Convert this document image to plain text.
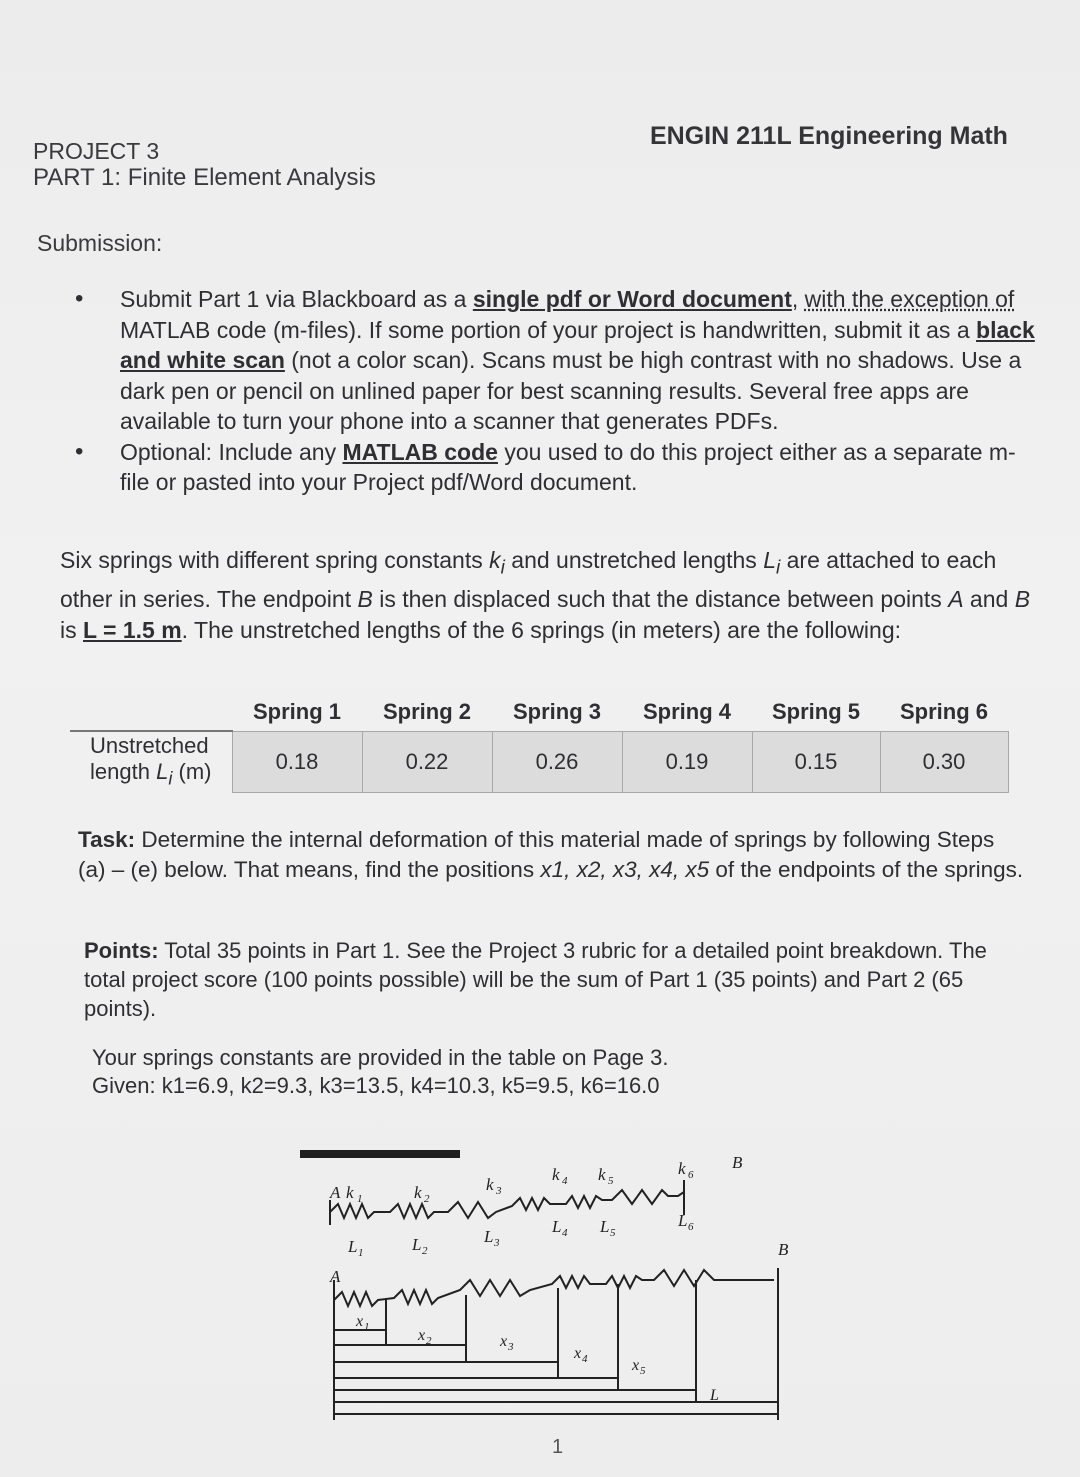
ENGIN 211L Engineering Math
PROJECT 3
PART 1: Finite Element Analysis
Submission:
• Submit Part 1 via Blackboard as a single pdf or Word document, with the exception of MATLAB code (m-files). If some portion of your project is handwritten, submit it as a black and white scan (not a color scan). Scans must be high contrast with no shadows. Use a dark pen or pencil on unlined paper for best scanning results. Several free apps are available to turn your phone into a scanner that generates PDFs.
• Optional: Include any MATLAB code you used to do this project either as a separate m-file or pasted into your Project pdf/Word document.
Six springs with different spring constants $k_i$ and unstretched lengths $L_i$ are attached to each other in series. The endpoint B is then displaced such that the distance between points A and B is L = 1.5 m. The unstretched lengths of the 6 springs (in meters) are the following:
	Spring 1	Spring 2	Spring 3	Spring 4	Spring 5	Spring 6
Unstretched
length $L_i$ (m)	0.18	0.22	0.26	0.19	0.15	0.30
Task: Determine the internal deformation of this material made of springs by following Steps (a) – (e) below. That means, find the positions x1, x2, x3, x4, x5 of the endpoints of the springs.
Points: Total 35 points in Part 1. See the Project 3 rubric for a detailed point breakdown. The total project score (100 points possible) will be the sum of Part 1 (35 points) and Part 2 (65 points).
Your springs constants are provided in the table on Page 3.
Given: k1=6.9, k2=9.3, k3=13.5, k4=10.3, k5=9.5, k6=16.0
A k 1	k 2
k 3
k 4 k 5
k 6
B
L 1	L 2
L 3
L 4 L 5
L 6
A
B
x 1	x 2	x 3	x 4	x 5
L
1
